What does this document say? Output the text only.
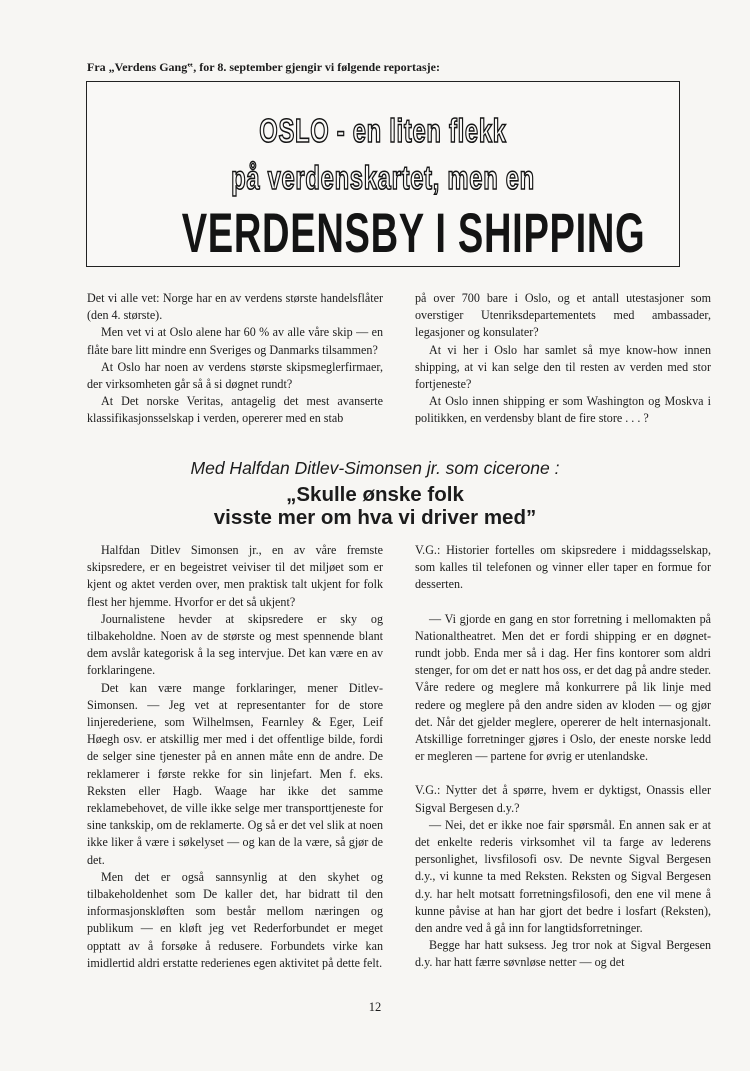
Fra „Verdens Gang‟, for 8. september gjengir vi følgende reportasje:
OSLO - en liten flekk
på verdenskartet, men en
VERDENSBY I SHIPPING

Det vi alle vet: Norge har en av verdens største handelsflåter (den 4. største).

Men vet vi at Oslo alene har 60 % av alle våre skip — en flåte bare litt mindre enn Sveriges og Danmarks tilsammen?

At Oslo har noen av verdens største skipsmeglerfirmaer, der virksomheten går så å si døgnet rundt?

At Det norske Veritas, antagelig det mest avanserte klassifikasjonsselskap i verden, opererer med en stab

på over 700 bare i Oslo, og et antall utestasjoner som overstiger Utenriksdepartementets med ambassader, legasjoner og konsulater?

At vi her i Oslo har samlet så mye know-how innen shipping, at vi kan selge den til resten av verden med stor fortjeneste?

At Oslo innen shipping er som Washington og Moskva i politikken, en verdensby blant de fire store . . . ?

Med Halfdan Ditlev-Simonsen jr. som cicerone :
„Skulle ønske folk
visste mer om hva vi driver med”

Halfdan Ditlev Simonsen jr., en av våre fremste skipsredere, er en begeistret veiviser til det miljøet som er kjent og aktet verden over, men praktisk talt ukjent for folk flest her hjemme. Hvorfor er det så ukjent?

Journalistene hevder at skipsredere er sky og tilbakeholdne. Noen av de største og mest spennende blant dem avslår kategorisk å la seg intervjue. Det kan være en av forklaringene.

Det kan være mange forklaringer, mener Ditlev-Simonsen. — Jeg vet at representanter for de store linjerederiene, som Wilhelmsen, Fearnley & Eger, Leif Høegh osv. er atskillig mer med i det offentlige bilde, fordi de selger sine tjenester på en annen måte enn de andre. De reklamerer i første rekke for sin linjefart. Men f. eks. Reksten eller Hagb. Waage har ikke det samme reklamebehovet, de ville ikke selge mer transporttjeneste for sine tankskip, om de reklamerte. Og så er det vel slik at noen ikke liker å være i søkelyset — og kan de la være, så gjør de det.

Men det er også sannsynlig at den skyhet og tilbakeholdenhet som De kaller det, har bidratt til den informasjonskløften som består mellom næringen og publikum — en kløft jeg vet Rederforbundet er meget opptatt av å forsøke å redusere. Forbundets virke kan imidlertid aldri erstatte rederienes egen aktivitet på dette felt.

V.G.: Historier fortelles om skipsredere i middagsselskap, som kalles til telefonen og vinner eller taper en formue for desserten.

— Vi gjorde en gang en stor forretning i mellomakten på Nationaltheatret. Men det er fordi shipping er en døgnet-rundt jobb. Enda mer så i dag. Her fins kontorer som aldri stenger, for om det er natt hos oss, er det dag på andre steder. Våre redere og meglere må konkurrere på lik linje med redere og meglere på den andre siden av kloden — og gjør det. Når det gjelder meglere, opererer de helt internasjonalt. Atskillige forretninger gjøres i Oslo, der eneste norske ledd er megleren — partene for øvrig er utenlandske.

V.G.: Nytter det å spørre, hvem er dyktigst, Onassis eller Sigval Bergesen d.y.?

— Nei, det er ikke noe fair spørsmål. En annen sak er at det enkelte rederis virksomhet vil ta farge av lederens personlighet, livsfilosofi osv. De nevnte Sigval Bergesen d.y., vi kunne ta med Reksten. Reksten og Sigval Bergesen d.y. har helt motsatt forretningsfilosofi, den ene vil mene å kunne påvise at han har gjort det bedre i losfart (Reksten), den andre ved å gå inn for langtidsforretninger.

Begge har hatt suksess. Jeg tror nok at Sigval Bergesen d.y. har hatt færre søvnløse netter — og det

12
